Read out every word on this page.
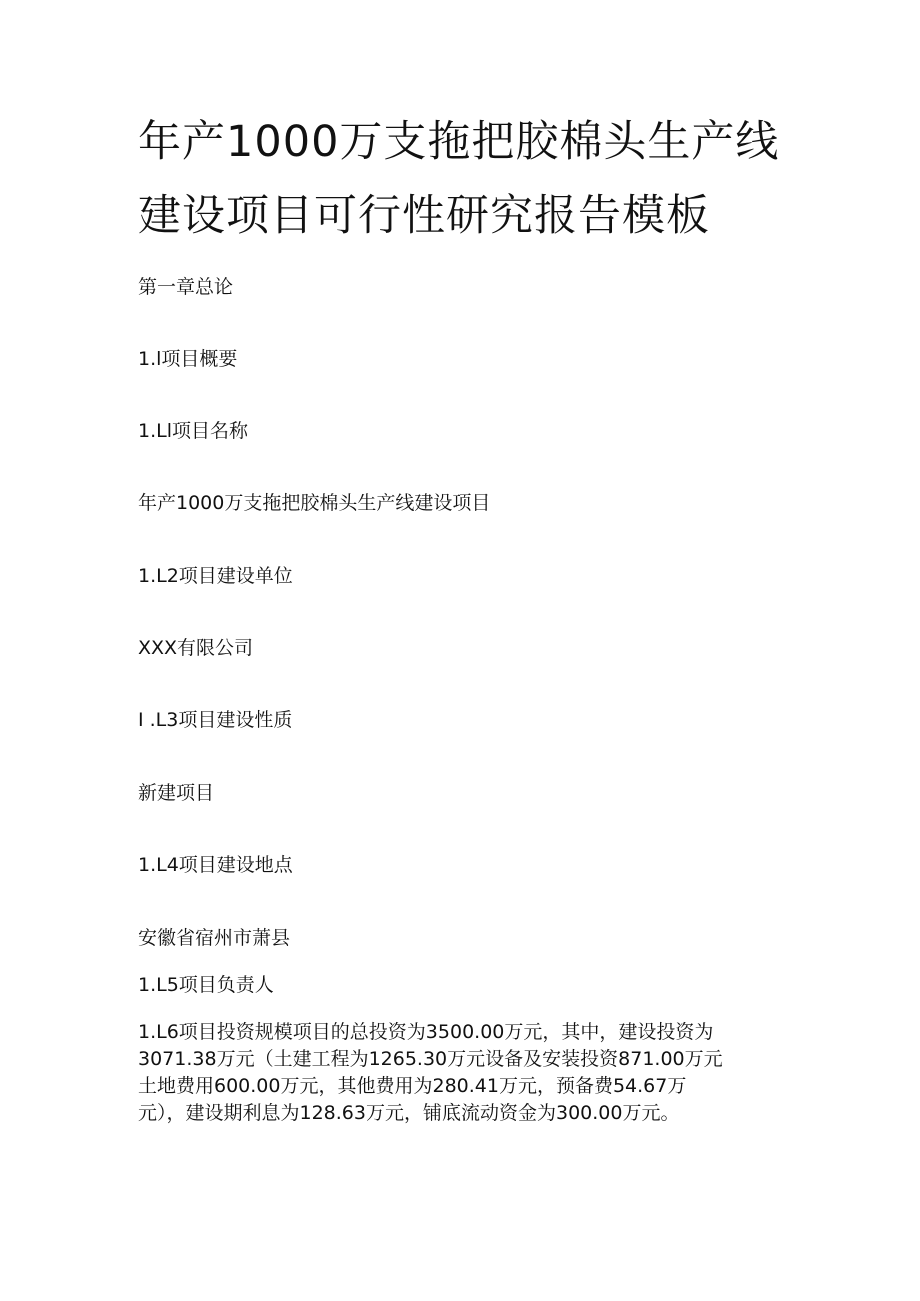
年产1000万支拖把胶棉头生产线
建设项目可行性研究报告模板
第一章总论
1.l项目概要
1.Ll项目名称
年产1000万支拖把胶棉头生产线建设项目
1.L2项目建设单位
XXX有限公司
I .L3项目建设性质
新建项目
1.L4项目建设地点
安徽省宿州市萧县
1.L5项目负责人
1.L6项目投资规模项目的总投资为3500.00万元，其中，建设投资为
3071.38万元（土建工程为1265.30万元设备及安装投资871.00万元
土地费用600.00万元，其他费用为280.41万元，预备费54.67万
元），建设期利息为128.63万元，铺底流动资金为300.00万元。
